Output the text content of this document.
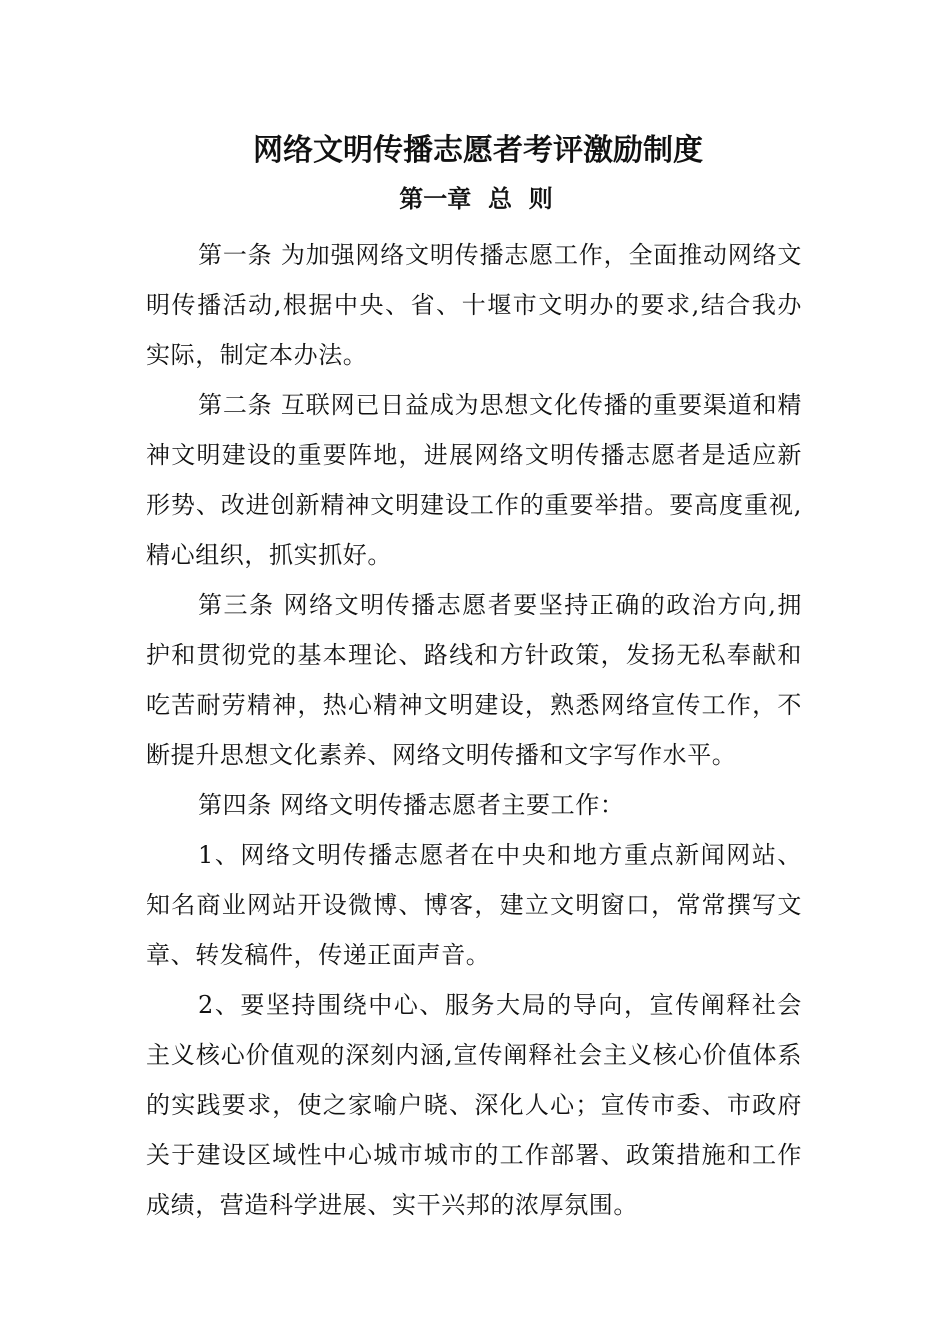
网络文明传播志愿者考评激励制度
第一章  总  则

第一条 为加强网络文明传播志愿工作，全面推动网络文明传播活动,根据中央、省、十堰市文明办的要求,结合我办实际，制定本办法。

第二条 互联网已日益成为思想文化传播的重要渠道和精神文明建设的重要阵地，进展网络文明传播志愿者是适应新形势、改进创新精神文明建设工作的重要举措。要高度重视,精心组织，抓实抓好。

第三条 网络文明传播志愿者要坚持正确的政治方向,拥护和贯彻党的基本理论、路线和方针政策，发扬无私奉献和吃苦耐劳精神，热心精神文明建设，熟悉网络宣传工作，不断提升思想文化素养、网络文明传播和文字写作水平。

第四条 网络文明传播志愿者主要工作：

1、网络文明传播志愿者在中央和地方重点新闻网站、知名商业网站开设微博、博客，建立文明窗口，常常撰写文章、转发稿件，传递正面声音。

2、要坚持围绕中心、服务大局的导向，宣传阐释社会主义核心价值观的深刻内涵,宣传阐释社会主义核心价值体系的实践要求，使之家喻户晓、深化人心；宣传市委、市政府关于建设区域性中心城市城市的工作部署、政策措施和工作成绩，营造科学进展、实干兴邦的浓厚氛围。
